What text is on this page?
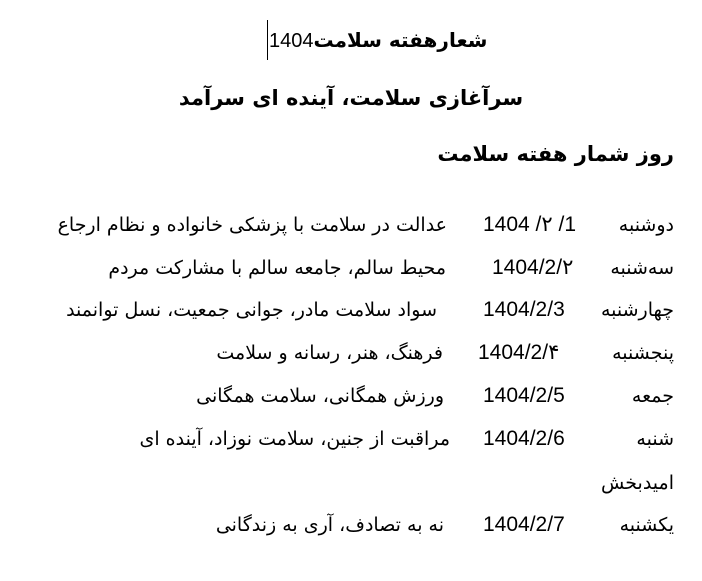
شعارهفته سلامت1404
سرآغازی سلامت، آینده ای سرآمد
روز شمار هفته سلامت
دوشنبه
1404 /۲ /1
عدالت در سلامت با پزشکی خانواده و نظام ارجاع
سه‌شنبه
1404/2/۲
محیط سالم، جامعه سالم با مشارکت مردم
چهارشنبه
1404/2/3
سواد سلامت مادر، جوانی جمعیت، نسل توانمند
پنجشنبه
1404/2/۴
فرهنگ، هنر، رسانه و سلامت
جمعه
1404/2/5
ورزش همگانی، سلامت همگانی
شنبه
1404/2/6
مراقبت از جنین، سلامت نوزاد، آینده ای
امیدبخش
یکشنبه
1404/2/7
نه به تصادف، آری به زندگانی
